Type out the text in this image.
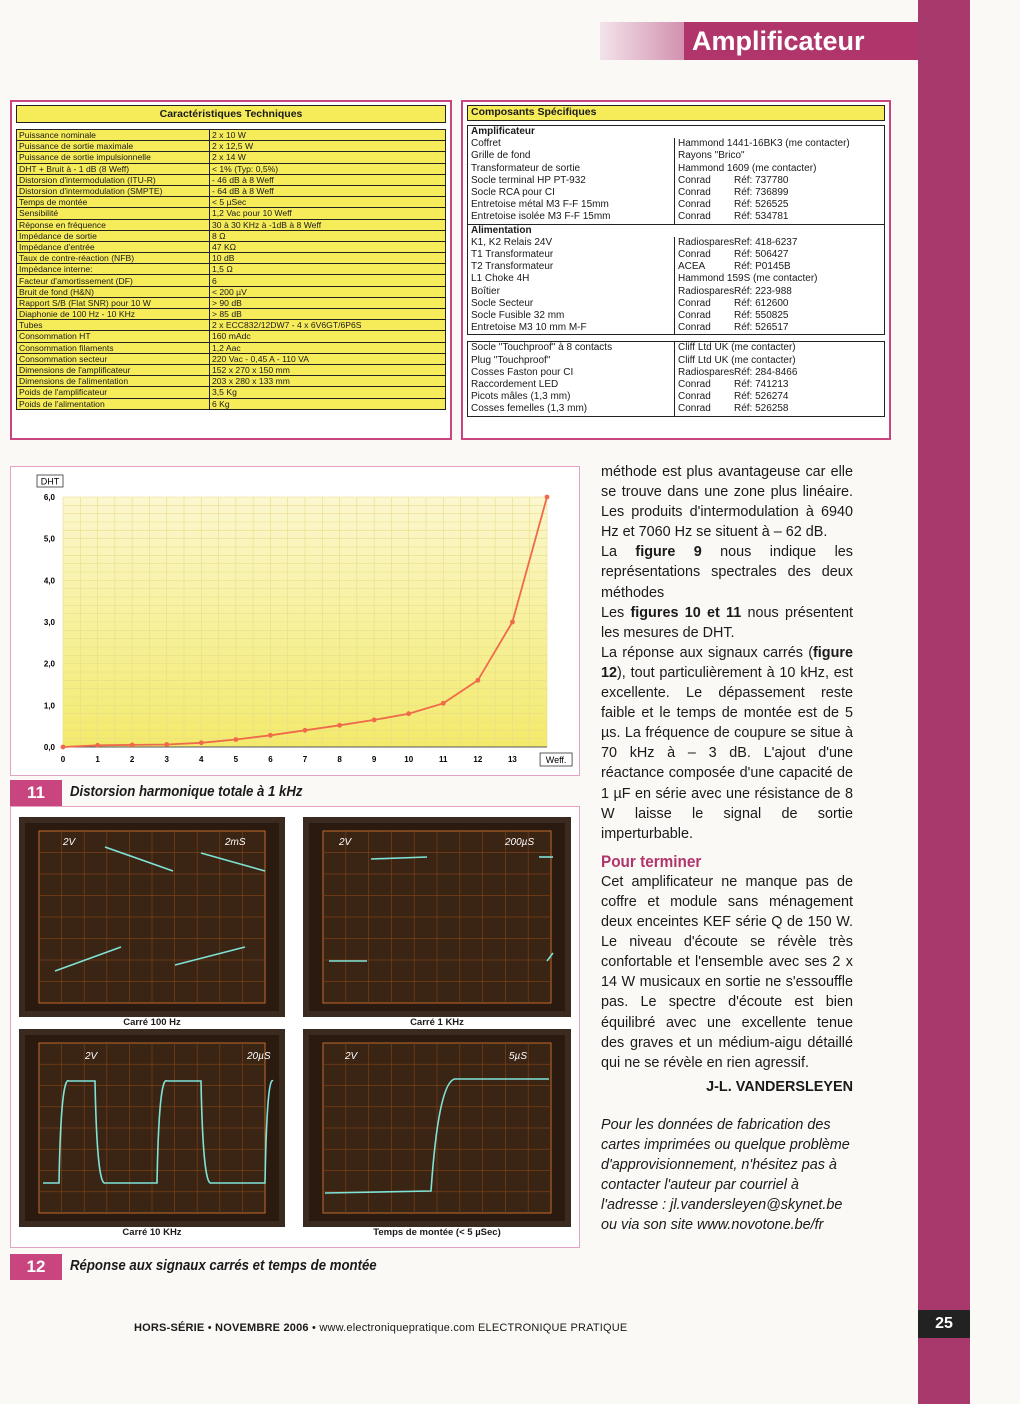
Amplificateur
Caractéristiques Techniques	

Puissance nominale	2 x 10 W
Puissance de sortie maximale	2 x 12,5 W
Puissance de sortie impulsionnelle	2 x 14 W
DHT + Bruit à - 1 dB (8 Weff)	< 1% (Typ: 0,5%)
Distorsion d'intermodulation (ITU-R)	- 46 dB à 8 Weff
Distorsion d'intermodulation (SMPTE)	- 64 dB à 8 Weff
Temps de montée	< 5 µSec
Sensibilité	1,2 Vac pour 10 Weff
Réponse en fréquence	30 à 30 KHz à -1dB à 8 Weff
Impédance de sortie	8 Ω
Impédance d'entrée	47 KΩ
Taux de contre-réaction (NFB)	10 dB
Impédance interne:	1,5 Ω
Facteur d'amortissement (DF)	6
Bruit de fond (H&N)	< 200 µV
Rapport S/B (Flat SNR) pour 10 W	> 90 dB
Diaphonie de 100 Hz - 10 KHz	> 85 dB
Tubes	2 x ECC832/12DW7 - 4 x 6V6GT/6P6S
Consommation HT	160 mAdc
Consommation filaments	1,2 Aac
Consommation secteur	220 Vac - 0,45 A - 110 VA
Dimensions de l'amplificateur	152 x 270 x 150 mm
Dimensions de l'alimentation	203 x 280 x 133 mm
Poids de l'amplificateur	3,5 Kg
Poids de l'alimentation	6 Kg
Composants Spécifiques
Amplificateur	
Coffret	Hammond 1441-16BK3 (me contacter)
Grille de fond	Rayons "Brico"
Transformateur de sortie	Hammond 1609 (me contacter)
Socle terminal HP PT-932	Conrad Réf: 737780
Socle RCA pour CI	Conrad Réf: 736899
Entretoise métal M3 F-F 15mm	Conrad Réf: 526525
Entretoise isolée M3 F-F 15mm	Conrad Réf: 534781
Alimentation	
K1, K2 Relais 24V	RadiosparesRef: 418-6237
T1 Transformateur	Conrad Réf: 506427
T2 Transformateur	ACEA Réf: P0145B
L1 Choke 4H	Hammond 159S (me contacter)
Boîtier	RadiosparesRéf: 223-988
Socle Secteur	Conrad Réf: 612600
Socle Fusible 32 mm	Conrad Réf: 550825
Entretoise M3 10 mm M-F	Conrad Réf: 526517
Socle "Touchproof" à 8 contacts	Cliff Ltd UK (me contacter)
Plug "Touchproof"	Cliff Ltd UK (me contacter)
Cosses Faston pour CI	RadiosparesRéf: 284-8466
Raccordement LED	Conrad Réf: 741213
Picots mâles (1,3 mm)	Conrad Réf: 526274
Cosses femelles (1,3 mm)	Conrad Réf: 526258
0,0
1,0
2,0
3,0
4,0
5,0
6,0
0	1	2	3	4	5	6	7	8	9	10	11	12	13
DHT
Weff.
11	Distorsion harmonique totale à 1 kHz
2V	2mS
Carré 100 Hz
2V	200µS
Carré 1 KHz
2V	20µS
Carré 10 KHz
2V	5µS
Temps de montée (< 5 µSec)
12	Réponse aux signaux carrés et temps de montée

méthode est plus avantageuse car elle se trouve dans une zone plus linéaire. Les produits d'intermodulation à 6940 Hz et 7060 Hz se situent à – 62 dB.

La figure 9 nous indique les représentations spectrales des deux méthodes

Les figures 10 et 11 nous présentent les mesures de DHT.

La réponse aux signaux carrés (figure 12), tout particulièrement à 10 kHz, est excellente. Le dépassement reste faible et le temps de montée est de 5 µs. La fréquence de coupure se situe à 70 kHz à – 3 dB. L'ajout d'une réactance composée d'une capacité de 1 µF en série avec une résistance de 8 W laisse le signal de sortie imperturbable.

Pour terminer

Cet amplificateur ne manque pas de coffre et module sans ménagement deux enceintes KEF série Q de 150 W. Le niveau d'écoute se révèle très confortable et l'ensemble avec ses 2 x 14 W musicaux en sortie ne s'essouffle pas. Le spectre d'écoute est bien équilibré avec une excellente tenue des graves et un médium-aigu détaillé qui ne se révèle en rien agressif.

J-L. VANDERSLEYEN

Pour les données de fabrication des cartes imprimées ou quelque problème d'approvisionnement, n'hésitez pas à contacter l'auteur par courriel à l'adresse : jl.vandersleyen@skynet.be ou via son site www.novotone.be/fr

HORS-SÉRIE • NOVEMBRE 2006 • www.electroniquepratique.com ELECTRONIQUE PRATIQUE	25
